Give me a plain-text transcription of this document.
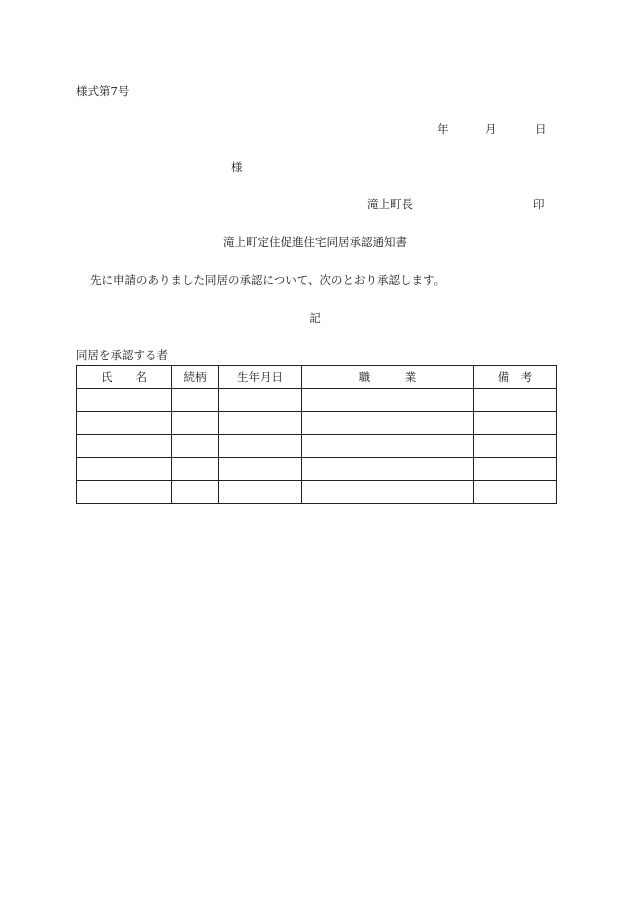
様式第7号
年	月	日
様
滝上町長	印
滝上町定住促進住宅同居承認通知書
先に申請のありました同居の承認について、次のとおり承認します。
記
同居を承認する者
氏　　名	続柄	生年月日	職　　　業	備　考
